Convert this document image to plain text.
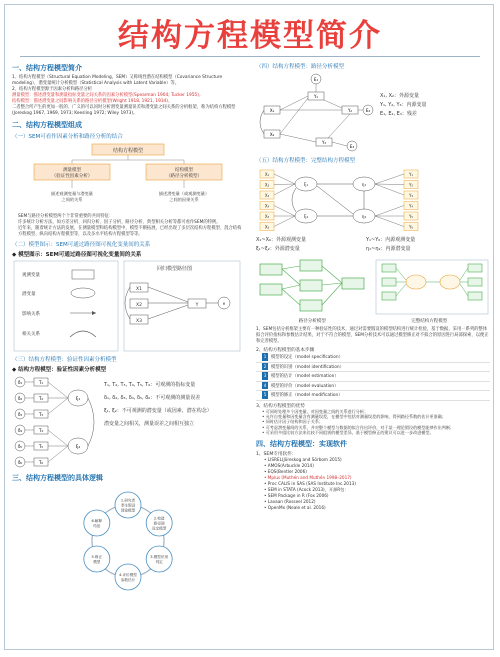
结构方程模型简介
一、结构方程模型简介

1、结构方程模型（Structural Equation Modeling，SEM）又称线性潜在结构模型（Covariance Structure modeling），潜变量统计分析模型（Statistical Analysis with Latent Variable）等。

2、结构方程模型源于因素分析和路径分析

测量模型：描述潜变量和测量指标变量之间关系的因素分析模型(Spearman 1904; Tucker 1955)。

结构模型：描述潜变量之间影响关系的路径分析模型(Wright 1918, 1921, 1934)。

二者整合所产生的更加一般的、广义的可以同时分析潜变量测量误差和潜变量之间关系的分析框架，称为结构方程模型(Joreskog 1967, 1969, 1973; Keesling 1972; Wiley 1973)。

二、结构方程模型组成
（一）SEM可看作因素分析和路径分析的结合
结构方程模型
测量模型
（验证性因素分析）
结构模型
（路径分析模型）
描述观测变量与潜变量
之间的关系
描述潜变量（或观测变量）
之间的因果关系

SEM与路径分析模型两个个非常重要的共同特征：

许多统计分析方法，如方差分析、回归分析、因子分析、路径分析、典型相关分析等都可看作SEM的特例。

近年来，随着统计方法的发展，在测量模型和结构模型中，模型不断拓展，已经出现了多层次结构方程模型、混合结构方程模型、纵向结构方程模型等，以及多水平结构方程模型等等。

（二）模型图示：SEM可通过路径图可视化变量间的关系
◆ 模型图示：SEM可通过路径图可视化变量间的关系
观测变量
潜变量
影响关系
相关关系
回归模型路径图
X1
X2
X3
Y	e
（三）结构方程模型：验证性因素分析模型
◆ 结构方程模型：验证性因素分析模型
δ₁	T₁
δ₂	T₂
δ₃	T₃
δ₄	T₄
δ₅	T₅
δ₆	T₆
ξ₁
ξ₂

T₁, T₂, T₃, T₄, T₅, T₆：可观测的指标变量

δ₁, δ₂, δ₃, δ₄, δ₅, δ₆：不可观测的测量误差

ξ₁, ξ₂：不可观测的潜变量（或因素、潜在构念）

潜变量之间相关，测量误差之间相互独立

三、结构方程模型的具体逻辑
1.研究者
奉生假设
理论模型
2.构建
路径图
设定模型
3.模型识别
判定
4.评价模型
参数估计
5.修正
模型
6.解释
结论
（四）结构方程模型：路径分析模型
E₁
Y₁
X₁
X₂
Y₂
Y₃
E₂
E₃
X₁, X₂：外源变量
Y₁, Y₂, Y₃：内源变量
E₁, E₂, E₃：残差
（五）结构方程模型：完整结构方程模型
X₁
X₂
X₃
X₄
X₅
X₆
ξ₁
ξ₂
η₁
η₂
Y₁
Y₂
Y₃
Y₄
Y₅
Y₆
X₁~X₆：外源观测变量	Y₁~Y₆：内源观测变量
ξ₁~ξ₂：外源潜变量	η₁~η₂：内源潜变量
路径分析模型	完整结构方程模型

1、SEM包括分析框架主要有一种验证性的技术，通过对需要假设的模型结构进行统计检验，基于数据，采用一系列的整体拟合评价指标和参数估计结果，对于不符合的模型，SEM分析技术可以通过模型修正对不拟合的原因进行局部探索，以便正和完善模型。

2、结构方程模型的基本步骤
1模型的设定（model specification）
2模型的识别（model identification）
3模型的估计（model estimation）
4模型的评价（model evaluation）
5模型的修正（model modification）
3、结构方程模型的优势
• 可同时处理多个因变量，对因变量之间的关系进行分析；
• 允许自变量和因变量含有测量误差，在模型中包括对测量误差的影响，得到路径系数的估计更准确；
• 同时估计因子结构和因子关系；
• 可考虑潜变量间的关系，并对整个模型与数据的拟合作出评价，对于某一理论假设的模型能够作出判断；
• 可采用多组比较方法来比较不同组别的模型差异，基于模型修正的建议可以进一步改进模型。
四、结构方程模型：实现软件
1、SEM专用软件：
• LISREL(Jöreskog and Sörbom 2015)
• AMOS(Arbuckle 2014)
• EQS(Bentler 2006)
• Mplus (Muthén and Muthén 1998–2017)
• Proc CALIS in SAS (SAS Institute Inc.2013)
• SEM in STATA (Acock 2013)，开源R包：
• SEM Package in R (Fox 2006)
• Lavaan (Rosseel 2012)
• OpenMx (Neale et al. 2016)
